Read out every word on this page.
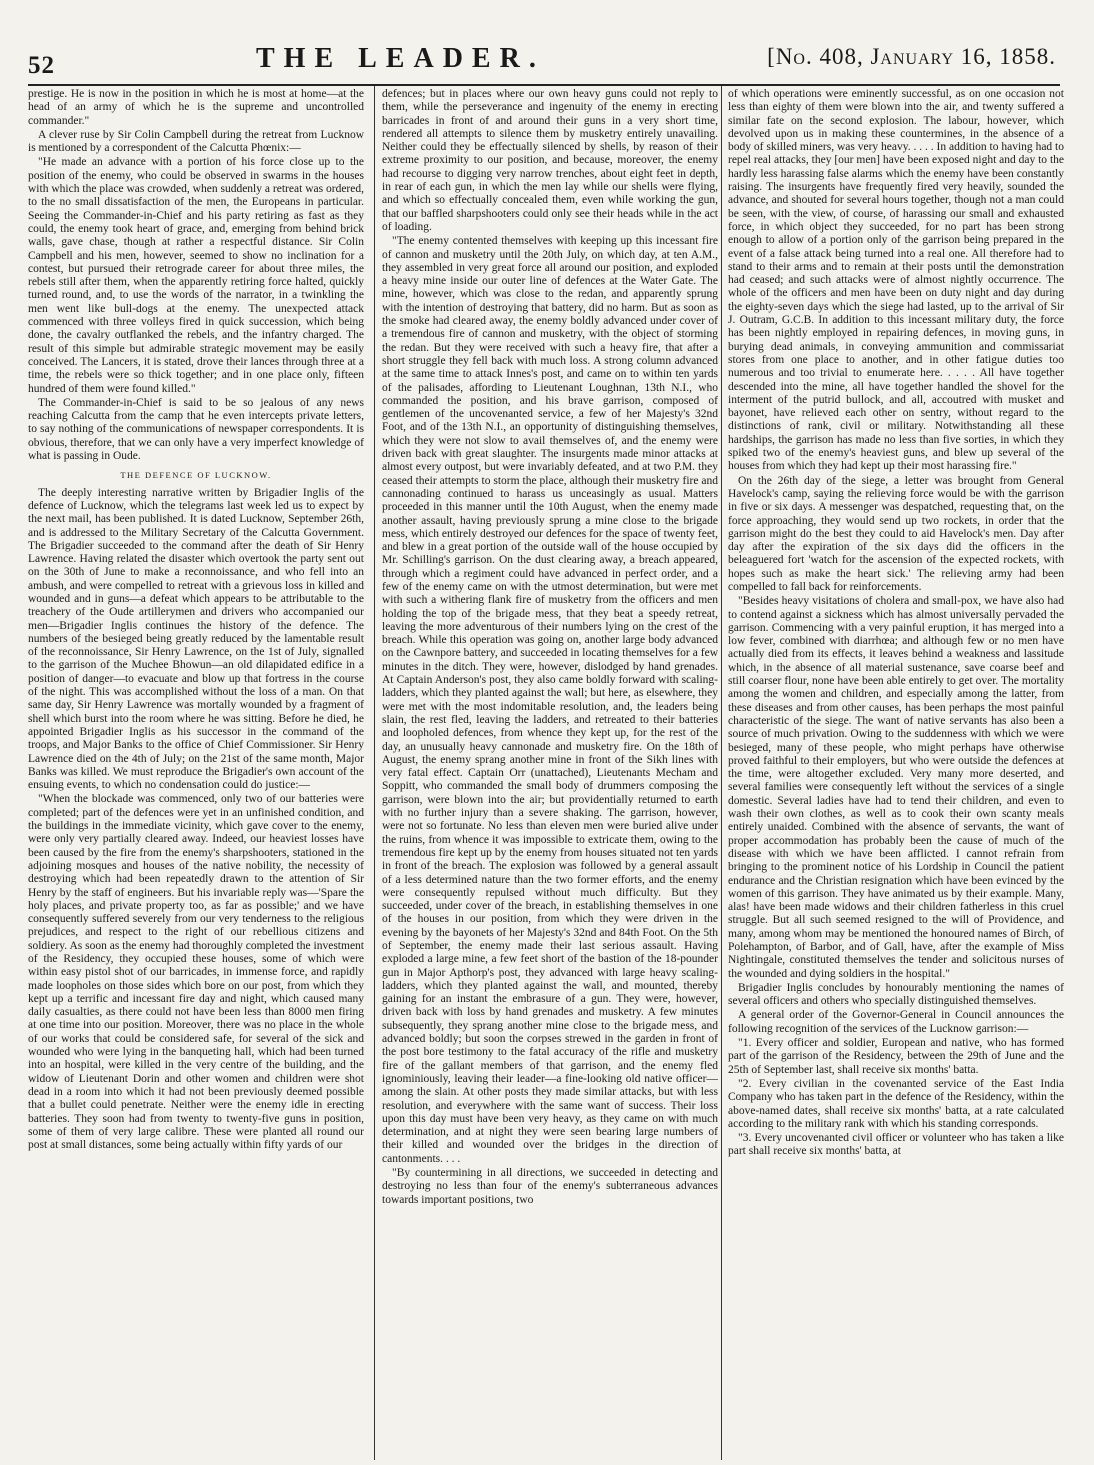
52	THE LEADER.	[No. 408, January 16, 1858.

prestige. He is now in the position in which he is most at home—at the head of an army of which he is the supreme and uncontrolled commander."

A clever ruse by Sir Colin Campbell during the retreat from Lucknow is mentioned by a correspondent of the Calcutta Phœnix:—

"He made an advance with a portion of his force close up to the position of the enemy, who could be observed in swarms in the houses with which the place was crowded, when suddenly a retreat was ordered, to the no small dissatisfaction of the men, the Europeans in particular. Seeing the Commander-in-Chief and his party retiring as fast as they could, the enemy took heart of grace, and, emerging from behind brick walls, gave chase, though at rather a respectful distance. Sir Colin Campbell and his men, however, seemed to show no inclination for a contest, but pursued their retrograde career for about three miles, the rebels still after them, when the apparently retiring force halted, quickly turned round, and, to use the words of the narrator, in a twinkling the men went like bull-dogs at the enemy. The unexpected attack commenced with three volleys fired in quick succession, which being done, the cavalry outflanked the rebels, and the infantry charged. The result of this simple but admirable strategic movement may be easily conceived. The Lancers, it is stated, drove their lances through three at a time, the rebels were so thick together; and in one place only, fifteen hundred of them were found killed."

The Commander-in-Chief is said to be so jealous of any news reaching Calcutta from the camp that he even intercepts private letters, to say nothing of the communications of newspaper correspondents. It is obvious, therefore, that we can only have a very imperfect knowledge of what is passing in Oude.

THE DEFENCE OF LUCKNOW.

The deeply interesting narrative written by Brigadier Inglis of the defence of Lucknow, which the telegrams last week led us to expect by the next mail, has been published. It is dated Lucknow, September 26th, and is addressed to the Military Secretary of the Calcutta Government. The Brigadier succeeded to the command after the death of Sir Henry Lawrence. Having related the disaster which overtook the party sent out on the 30th of June to make a reconnoissance, and who fell into an ambush, and were compelled to retreat with a grievous loss in killed and wounded and in guns—a defeat which appears to be attributable to the treachery of the Oude artillerymen and drivers who accompanied our men—Brigadier Inglis continues the history of the defence. The numbers of the besieged being greatly reduced by the lamentable result of the reconnoissance, Sir Henry Lawrence, on the 1st of July, signalled to the garrison of the Muchee Bhowun—an old dilapidated edifice in a position of danger—to evacuate and blow up that fortress in the course of the night. This was accomplished without the loss of a man. On that same day, Sir Henry Lawrence was mortally wounded by a fragment of shell which burst into the room where he was sitting. Before he died, he appointed Brigadier Inglis as his successor in the command of the troops, and Major Banks to the office of Chief Commissioner. Sir Henry Lawrence died on the 4th of July; on the 21st of the same month, Major Banks was killed. We must reproduce the Brigadier's own account of the ensuing events, to which no condensation could do justice:—

"When the blockade was commenced, only two of our batteries were completed; part of the defences were yet in an unfinished condition, and the buildings in the immediate vicinity, which gave cover to the enemy, were only very partially cleared away. Indeed, our heaviest losses have been caused by the fire from the enemy's sharpshooters, stationed in the adjoining mosques and houses of the native nobility, the necessity of destroying which had been repeatedly drawn to the attention of Sir Henry by the staff of engineers. But his invariable reply was—'Spare the holy places, and private property too, as far as possible;' and we have consequently suffered severely from our very tenderness to the religious prejudices, and respect to the right of our rebellious citizens and soldiery. As soon as the enemy had thoroughly completed the investment of the Residency, they occupied these houses, some of which were within easy pistol shot of our barricades, in immense force, and rapidly made loopholes on those sides which bore on our post, from which they kept up a terrific and incessant fire day and night, which caused many daily casualties, as there could not have been less than 8000 men firing at one time into our position. Moreover, there was no place in the whole of our works that could be considered safe, for several of the sick and wounded who were lying in the banqueting hall, which had been turned into an hospital, were killed in the very centre of the building, and the widow of Lieutenant Dorin and other women and children were shot dead in a room into which it had not been previously deemed possible that a bullet could penetrate. Neither were the enemy idle in erecting batteries. They soon had from twenty to twenty-five guns in position, some of them of very large calibre. These were planted all round our post at small distances, some being actually within fifty yards of our

defences; but in places where our own heavy guns could not reply to them, while the perseverance and ingenuity of the enemy in erecting barricades in front of and around their guns in a very short time, rendered all attempts to silence them by musketry entirely unavailing. Neither could they be effectually silenced by shells, by reason of their extreme proximity to our position, and because, moreover, the enemy had recourse to digging very narrow trenches, about eight feet in depth, in rear of each gun, in which the men lay while our shells were flying, and which so effectually concealed them, even while working the gun, that our baffled sharpshooters could only see their heads while in the act of loading.

"The enemy contented themselves with keeping up this incessant fire of cannon and musketry until the 20th July, on which day, at ten A.M., they assembled in very great force all around our position, and exploded a heavy mine inside our outer line of defences at the Water Gate. The mine, however, which was close to the redan, and apparently sprung with the intention of destroying that battery, did no harm. But as soon as the smoke had cleared away, the enemy boldly advanced under cover of a tremendous fire of cannon and musketry, with the object of storming the redan. But they were received with such a heavy fire, that after a short struggle they fell back with much loss. A strong column advanced at the same time to attack Innes's post, and came on to within ten yards of the palisades, affording to Lieutenant Loughnan, 13th N.I., who commanded the position, and his brave garrison, composed of gentlemen of the uncovenanted service, a few of her Majesty's 32nd Foot, and of the 13th N.I., an opportunity of distinguishing themselves, which they were not slow to avail themselves of, and the enemy were driven back with great slaughter. The insurgents made minor attacks at almost every outpost, but were invariably defeated, and at two P.M. they ceased their attempts to storm the place, although their musketry fire and cannonading continued to harass us unceasingly as usual. Matters proceeded in this manner until the 10th August, when the enemy made another assault, having previously sprung a mine close to the brigade mess, which entirely destroyed our defences for the space of twenty feet, and blew in a great portion of the outside wall of the house occupied by Mr. Schilling's garrison. On the dust clearing away, a breach appeared, through which a regiment could have advanced in perfect order, and a few of the enemy came on with the utmost determination, but were met with such a withering flank fire of musketry from the officers and men holding the top of the brigade mess, that they beat a speedy retreat, leaving the more adventurous of their numbers lying on the crest of the breach. While this operation was going on, another large body advanced on the Cawnpore battery, and succeeded in locating themselves for a few minutes in the ditch. They were, however, dislodged by hand grenades. At Captain Anderson's post, they also came boldly forward with scaling-ladders, which they planted against the wall; but here, as elsewhere, they were met with the most indomitable resolution, and, the leaders being slain, the rest fled, leaving the ladders, and retreated to their batteries and loopholed defences, from whence they kept up, for the rest of the day, an unusually heavy cannonade and musketry fire. On the 18th of August, the enemy sprang another mine in front of the Sikh lines with very fatal effect. Captain Orr (unattached), Lieutenants Mecham and Soppitt, who commanded the small body of drummers composing the garrison, were blown into the air; but providentially returned to earth with no further injury than a severe shaking. The garrison, however, were not so fortunate. No less than eleven men were buried alive under the ruins, from whence it was impossible to extricate them, owing to the tremendous fire kept up by the enemy from houses situated not ten yards in front of the breach. The explosion was followed by a general assault of a less determined nature than the two former efforts, and the enemy were consequently repulsed without much difficulty. But they succeeded, under cover of the breach, in establishing themselves in one of the houses in our position, from which they were driven in the evening by the bayonets of her Majesty's 32nd and 84th Foot. On the 5th of September, the enemy made their last serious assault. Having exploded a large mine, a few feet short of the bastion of the 18-pounder gun in Major Apthorp's post, they advanced with large heavy scaling-ladders, which they planted against the wall, and mounted, thereby gaining for an instant the embrasure of a gun. They were, however, driven back with loss by hand grenades and musketry. A few minutes subsequently, they sprang another mine close to the brigade mess, and advanced boldly; but soon the corpses strewed in the garden in front of the post bore testimony to the fatal accuracy of the rifle and musketry fire of the gallant members of that garrison, and the enemy fled ignominiously, leaving their leader—a fine-looking old native officer—among the slain. At other posts they made similar attacks, but with less resolution, and everywhere with the same want of success. Their loss upon this day must have been very heavy, as they came on with much determination, and at night they were seen bearing large numbers of their killed and wounded over the bridges in the direction of cantonments. . . .

"By countermining in all directions, we succeeded in detecting and destroying no less than four of the enemy's subterraneous advances towards important positions, two

of which operations were eminently successful, as on one occasion not less than eighty of them were blown into the air, and twenty suffered a similar fate on the second explosion. The labour, however, which devolved upon us in making these countermines, in the absence of a body of skilled miners, was very heavy. . . . . In addition to having had to repel real attacks, they [our men] have been exposed night and day to the hardly less harassing false alarms which the enemy have been constantly raising. The insurgents have frequently fired very heavily, sounded the advance, and shouted for several hours together, though not a man could be seen, with the view, of course, of harassing our small and exhausted force, in which object they succeeded, for no part has been strong enough to allow of a portion only of the garrison being prepared in the event of a false attack being turned into a real one. All therefore had to stand to their arms and to remain at their posts until the demonstration had ceased; and such attacks were of almost nightly occurrence. The whole of the officers and men have been on duty night and day during the eighty-seven days which the siege had lasted, up to the arrival of Sir J. Outram, G.C.B. In addition to this incessant military duty, the force has been nightly employed in repairing defences, in moving guns, in burying dead animals, in conveying ammunition and commissariat stores from one place to another, and in other fatigue duties too numerous and too trivial to enumerate here. . . . . All have together descended into the mine, all have together handled the shovel for the interment of the putrid bullock, and all, accoutred with musket and bayonet, have relieved each other on sentry, without regard to the distinctions of rank, civil or military. Notwithstanding all these hardships, the garrison has made no less than five sorties, in which they spiked two of the enemy's heaviest guns, and blew up several of the houses from which they had kept up their most harassing fire."

On the 26th day of the siege, a letter was brought from General Havelock's camp, saying the relieving force would be with the garrison in five or six days. A messenger was despatched, requesting that, on the force approaching, they would send up two rockets, in order that the garrison might do the best they could to aid Havelock's men. Day after day after the expiration of the six days did the officers in the beleaguered fort 'watch for the ascension of the expected rockets, with hopes such as make the heart sick.' The relieving army had been compelled to fall back for reinforcements.

"Besides heavy visitations of cholera and small-pox, we have also had to contend against a sickness which has almost universally pervaded the garrison. Commencing with a very painful eruption, it has merged into a low fever, combined with diarrhœa; and although few or no men have actually died from its effects, it leaves behind a weakness and lassitude which, in the absence of all material sustenance, save coarse beef and still coarser flour, none have been able entirely to get over. The mortality among the women and children, and especially among the latter, from these diseases and from other causes, has been perhaps the most painful characteristic of the siege. The want of native servants has also been a source of much privation. Owing to the suddenness with which we were besieged, many of these people, who might perhaps have otherwise proved faithful to their employers, but who were outside the defences at the time, were altogether excluded. Very many more deserted, and several families were consequently left without the services of a single domestic. Several ladies have had to tend their children, and even to wash their own clothes, as well as to cook their own scanty meals entirely unaided. Combined with the absence of servants, the want of proper accommodation has probably been the cause of much of the disease with which we have been afflicted. I cannot refrain from bringing to the prominent notice of his Lordship in Council the patient endurance and the Christian resignation which have been evinced by the women of this garrison. They have animated us by their example. Many, alas! have been made widows and their children fatherless in this cruel struggle. But all such seemed resigned to the will of Providence, and many, among whom may be mentioned the honoured names of Birch, of Polehampton, of Barbor, and of Gall, have, after the example of Miss Nightingale, constituted themselves the tender and solicitous nurses of the wounded and dying soldiers in the hospital."

Brigadier Inglis concludes by honourably mentioning the names of several officers and others who specially distinguished themselves.

A general order of the Governor-General in Council announces the following recognition of the services of the Lucknow garrison:—

"1. Every officer and soldier, European and native, who has formed part of the garrison of the Residency, between the 29th of June and the 25th of September last, shall receive six months' batta.

"2. Every civilian in the covenanted service of the East India Company who has taken part in the defence of the Residency, within the above-named dates, shall receive six months' batta, at a rate calculated according to the military rank with which his standing corresponds.

"3. Every uncovenanted civil officer or volunteer who has taken a like part shall receive six months' batta, at
